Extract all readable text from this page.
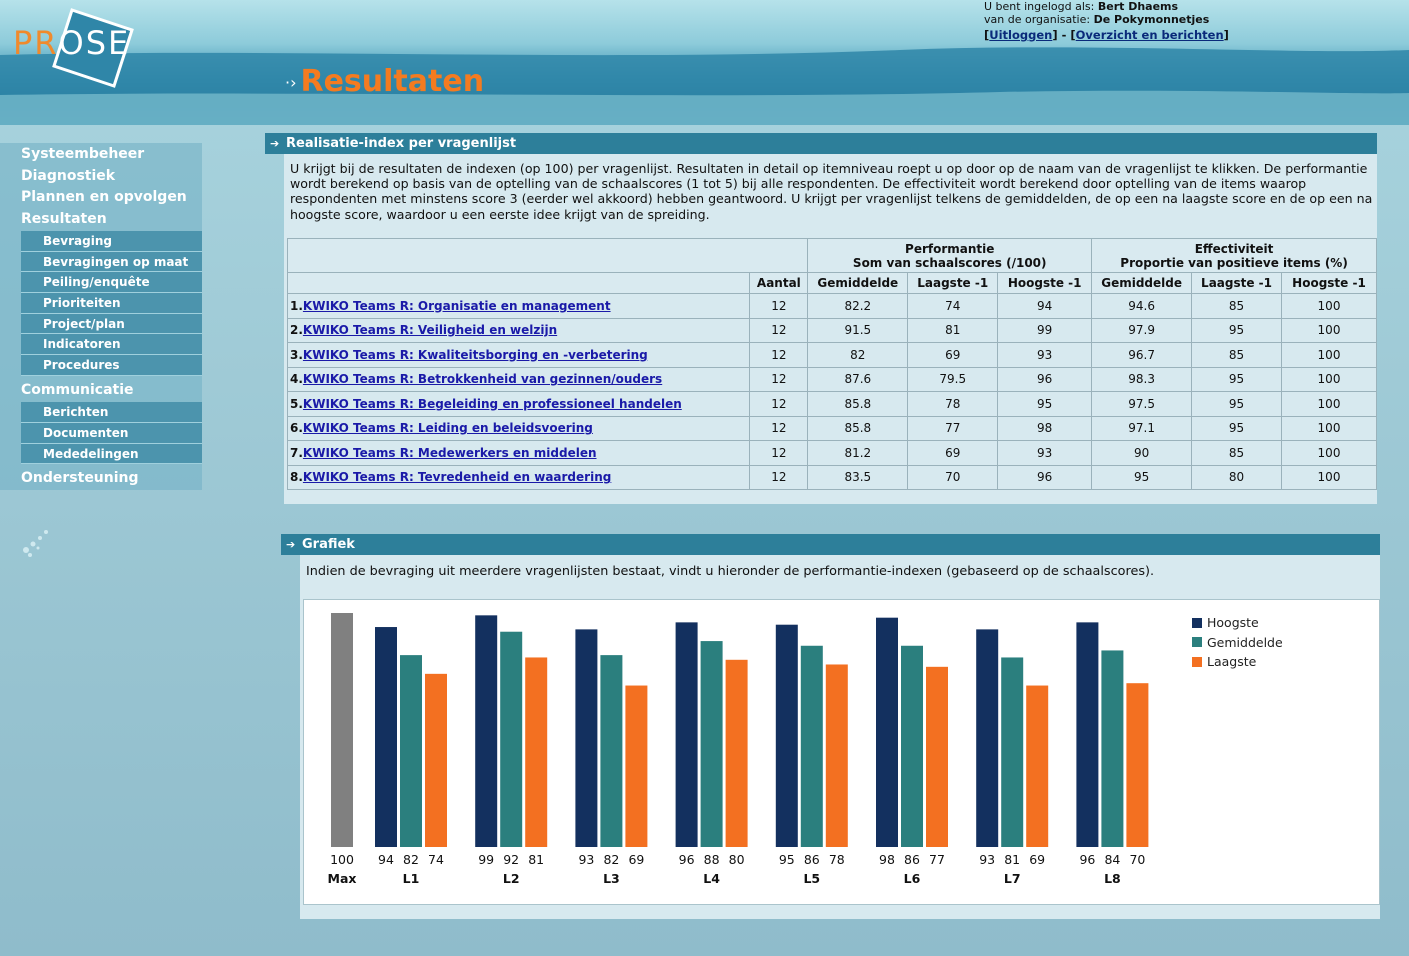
PROSE
U bent ingelogd als: Bert Dhaems
van de organisatie: De Pokymonnetjes
[Uitloggen] - [Overzicht en berichten]
·› Resultaten
Systeembeheer
Diagnostiek
Plannen en opvolgen
Resultaten
Bevraging
Bevragingen op maat
Peiling/enquête
Prioriteiten
Project/plan
Indicatoren
Procedures
Communicatie
Berichten
Documenten
Mededelingen
Ondersteuning
➔ Realisatie-index per vragenlijst
U krijgt bij de resultaten de indexen (op 100) per vragenlijst. Resultaten in detail op itemniveau roept u op door op de naam van de vragenlijst te klikken. De performantie wordt berekend op basis van de optelling van de schaalscores (1 tot 5) bij alle respondenten. De effectiviteit wordt berekend door optelling van de items waarop respondenten met minstens score 3 (eerder wel akkoord) hebben geantwoord. U krijgt per vragenlijst telkens de gemiddelden, de op een na laagste score en de op een na hoogste score, waardoor u een eerste idee krijgt van de spreiding.
		Performantie
Som van schaalscores (/100)			Effectiviteit
Proportie van positieve items (%)		
	Aantal	Gemiddelde	Laagste -1	Hoogste -1	Gemiddelde	Laagste -1	Hoogste -1
1.KWIKO Teams R: Organisatie en management	12	82.2	74	94	94.6	85	100
2.KWIKO Teams R: Veiligheid en welzijn	12	91.5	81	99	97.9	95	100
3.KWIKO Teams R: Kwaliteitsborging en -verbetering	12	82	69	93	96.7	85	100
4.KWIKO Teams R: Betrokkenheid van gezinnen/ouders	12	87.6	79.5	96	98.3	95	100
5.KWIKO Teams R: Begeleiding en professioneel handelen	12	85.8	78	95	97.5	95	100
6.KWIKO Teams R: Leiding en beleidsvoering	12	85.8	77	98	97.1	95	100
7.KWIKO Teams R: Medewerkers en middelen	12	81.2	69	93	90	85	100
8.KWIKO Teams R: Tevredenheid en waardering	12	83.5	70	96	95	80	100
➔ Grafiek
Indien de bevraging uit meerdere vragenlijsten bestaat, vindt u hieronder de performantie-indexen (gebaseerd op de schaalscores).
100
Max
94 82 74
L1
99 92 81
L2
93 82 69
L3
96 88 80
L4
95 86 78
L5
98 86 77
L6
93 81 69
L7
96 84 70
L8
Hoogste
Gemiddelde
Laagste
